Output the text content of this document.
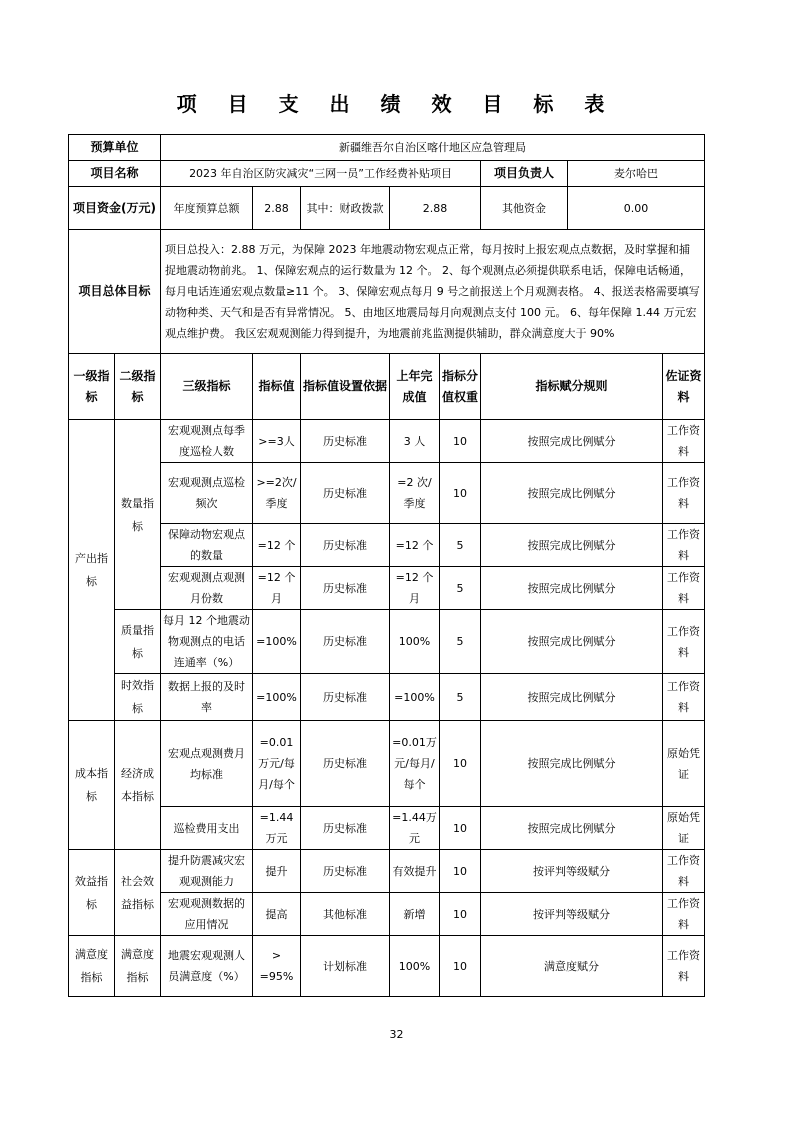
项 目 支 出 绩 效 目 标 表
预算单位		新疆维吾尔自治区喀什地区应急管理局							
项目名称		2023 年自治区防灾减灾“三网一员”工作经费补贴项目					项目负责人	麦尔哈巴	
项目资金(万元)		年度预算总额	2.88	其中：财政拨款	2.88		其他资金	0.00	
项目总体目标		项目总投入：2.88 万元，为保障 2023 年地震动物宏观点正常，每月按时上报宏观点点数据，及时掌握和捕捉地震动物前兆。 1、保障宏观点的运行数量为 12 个。 2、每个观测点必须提供联系电话，保障电话畅通，每月电话连通宏观点数量≥11 个。 3、保障宏观点每月 9 号之前报送上个月观测表格。 4、报送表格需要填写动物种类、天气和是否有异常情况。 5、由地区地震局每月向观测点支付 100 元。 6、每年保障 1.44 万元宏观点维护费。 我区宏观观测能力得到提升，为地震前兆监测提供辅助，群众满意度大于 90%							
一级指标	二级指标	三级指标	指标值	指标值设置依据	上年完成值	指标分值权重	指标赋分规则		佐证资料
产出指标	数量指标	宏观观测点每季度巡检人数	>=3人	历史标准	3 人	10	按照完成比例赋分		工作资料
		宏观观测点巡检频次	>=2次/季度	历史标准	=2 次/季度	10	按照完成比例赋分		工作资料
		保障动物宏观点的数量	=12 个	历史标准	=12 个	5	按照完成比例赋分		工作资料
		宏观观测点观测月份数	=12 个月	历史标准	=12 个月	5	按照完成比例赋分		工作资料
	质量指标	每月 12 个地震动物观测点的电话连通率（%）	=100%	历史标准	100%	5	按照完成比例赋分		工作资料
	时效指标	数据上报的及时率	=100%	历史标准	=100%	5	按照完成比例赋分		工作资料
成本指标	经济成本指标	宏观点观测费月均标准	=0.01万元/每月/每个	历史标准	=0.01万元/每月/每个	10	按照完成比例赋分		原始凭证
		巡检费用支出	=1.44万元	历史标准	=1.44万元	10	按照完成比例赋分		原始凭证
效益指标	社会效益指标	提升防震减灾宏观观测能力	提升	历史标准	有效提升	10	按评判等级赋分		工作资料
		宏观观测数据的应用情况	提高	其他标准	新增	10	按评判等级赋分		工作资料
满意度指标	满意度指标	地震宏观观测人员满意度（%）	> =95%	计划标准	100%	10	满意度赋分		工作资料
32
